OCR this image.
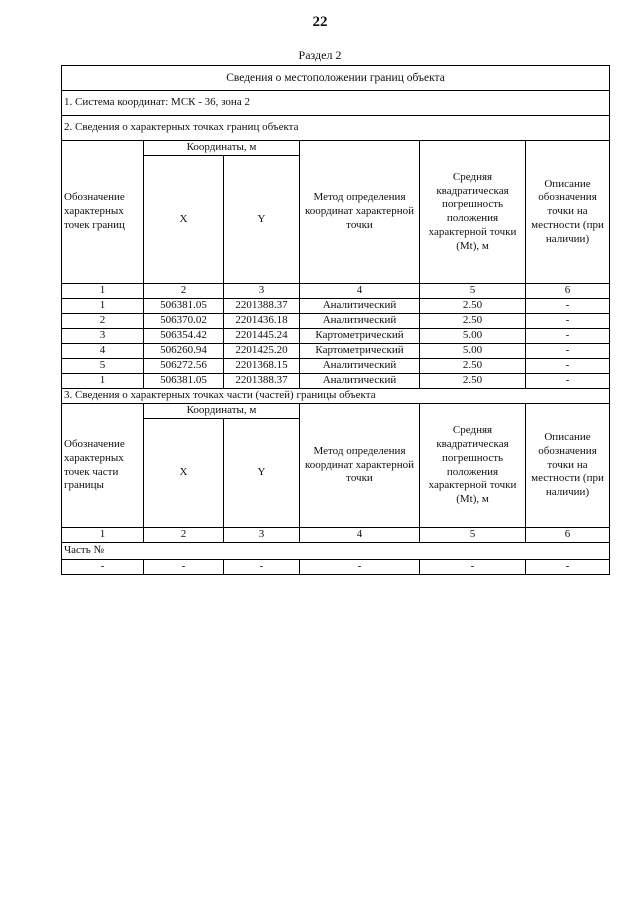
22
Раздел 2
Сведения о местоположении границ объекта					
1. Система координат: МСК - 36, зона 2					
2. Сведения о характерных точках границ объекта					
Обозначение характерных точек границ	Координаты, м		Метод определения координат характерной точки	Средняя квадратическая погрешность положения характерной точки (Mt), м	Описание обозначения точки на местности (при наличии)
	X	Y			
1	2	3	4	5	6
1	506381.05	2201388.37	Аналитический	2.50	-
2	506370.02	2201436.18	Аналитический	2.50	-
3	506354.42	2201445.24	Картометрический	5.00	-
4	506260.94	2201425.20	Картометрический	5.00	-
5	506272.56	2201368.15	Аналитический	2.50	-
1	506381.05	2201388.37	Аналитический	2.50	-
3. Сведения о характерных точках части (частей) границы объекта					
Обозначение характерных точек части границы	Координаты, м		Метод определения координат характерной точки	Средняя квадратическая погрешность положения характерной точки (Mt), м	Описание обозначения точки на местности (при наличии)
	X	Y			
1	2	3	4	5	6
Часть №					
-	-	-	-	-	-
